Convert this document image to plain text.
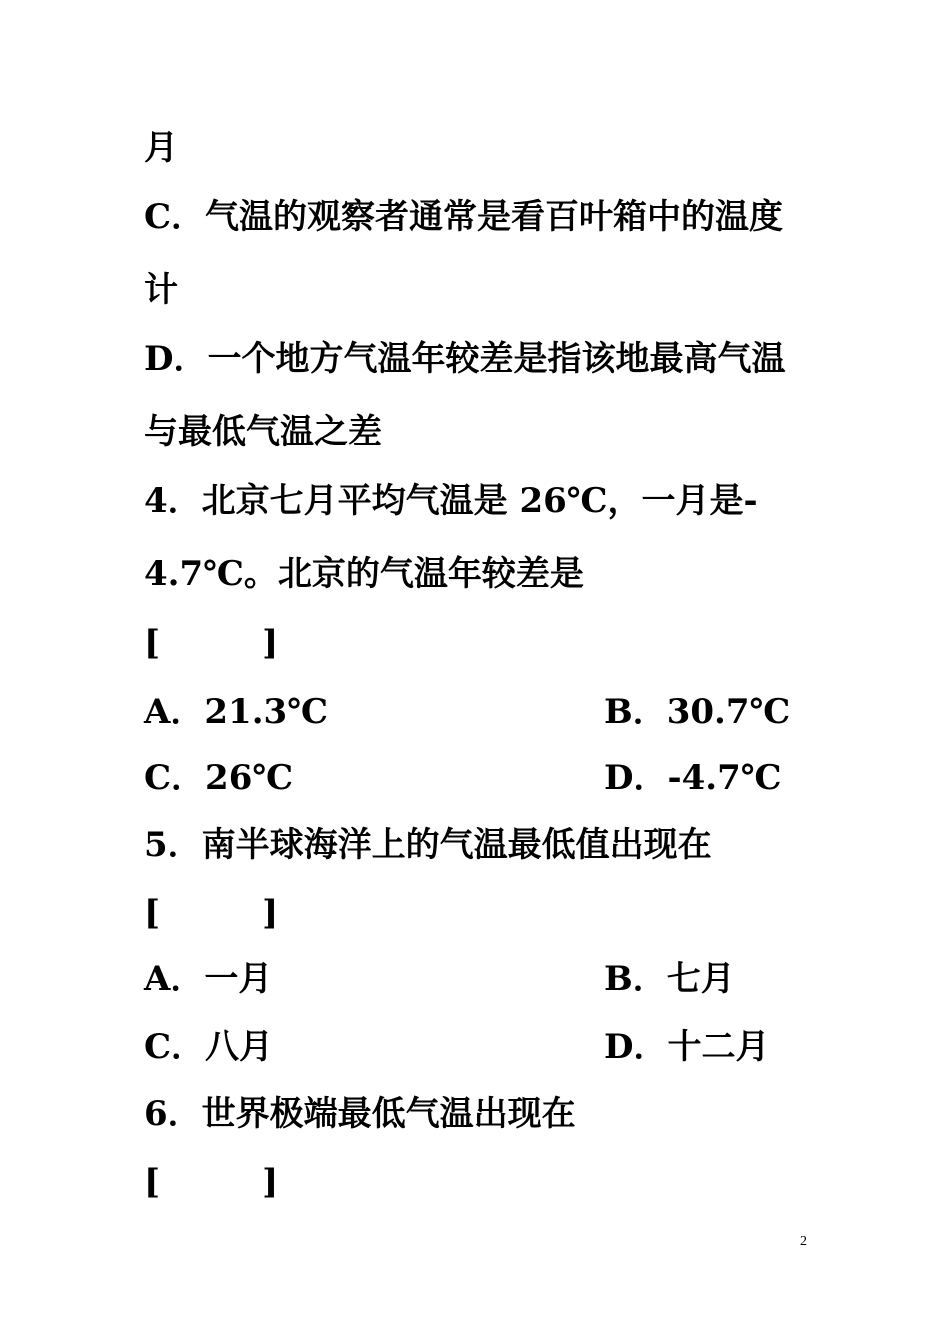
月
C．气温的观察者通常是看百叶箱中的温度
计
D．一个地方气温年较差是指该地最高气温
与最低气温之差
4．北京七月平均气温是 26℃，一月是-
4.7℃。北京的气温年较差是
[　　　]
A．21.3℃	B．30.7℃
C．26℃	D．-4.7℃
5．南半球海洋上的气温最低值出现在
[　　　]
A．一月	B．七月
C．八月	D．十二月
6．世界极端最低气温出现在
[　　　]
2
